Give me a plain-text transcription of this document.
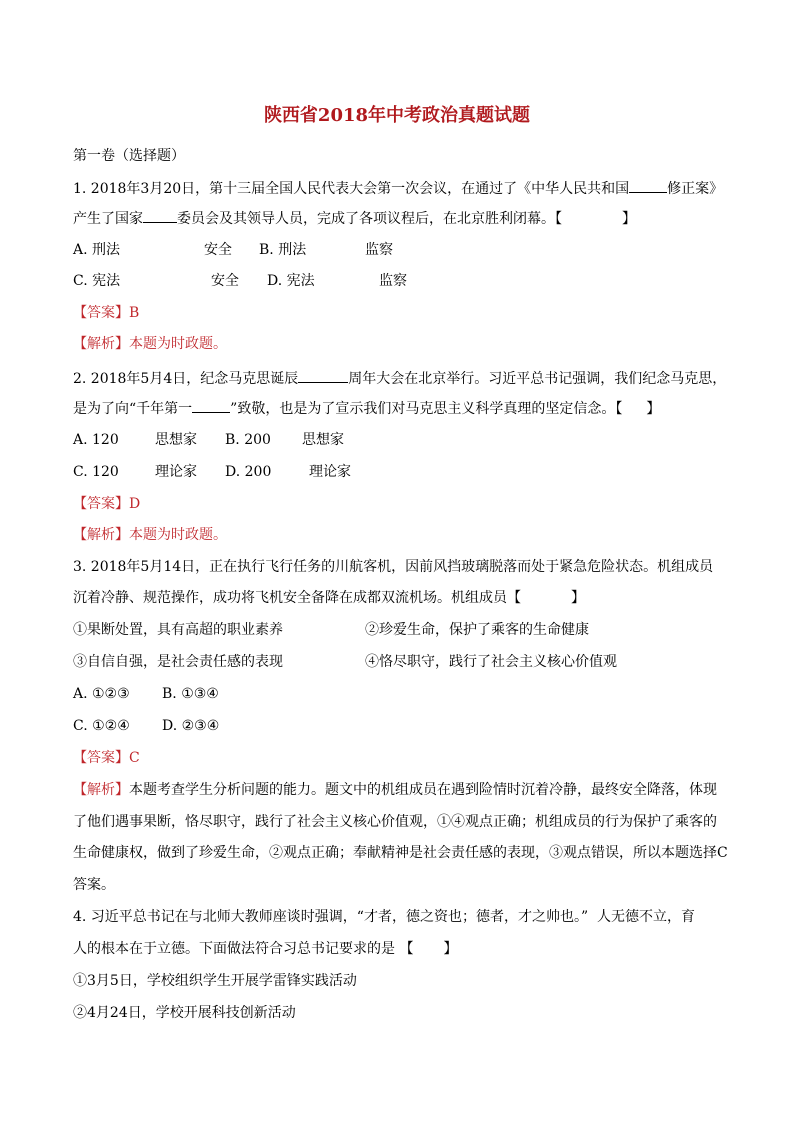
陕西省2018年中考政治真题试题
第一卷（选择题）
1. 2018年3月20日，第十三届全国人民代表大会第一次会议，在通过了《中华人民共和国	修正案》
产生了国家 委员会及其领导人员，完成了各项议程后，在北京胜利闭幕。【	】
A. 刑法	安全 B. 刑法	监察
C. 宪法	安全 D. 宪法	监察
【答案】B
【解析】本题为时政题。
2. 2018年5月4日，纪念马克思诞辰	周年大会在北京举行。习近平总书记强调，我们纪念马克思，
是为了向“千年第一	”致敬，也是为了宣示我们对马克思主义科学真理的坚定信念。【 】
A. 120	思想家 B. 200 思想家
C. 120	理论家 D. 200	理论家
【答案】D
【解析】本题为时政题。
3. 2018年5月14日，正在执行飞行任务的川航客机，因前风挡玻璃脱落而处于紧急危险状态。机组成员
沉着冷静、规范操作，成功将飞机安全备降在成都双流机场。机组成员【	】
①果断处置，具有高超的职业素养	②珍爱生命，保护了乘客的生命健康
③自信自强，是社会责任感的表现	④恪尽职守，践行了社会主义核心价值观
A. ①②③ B. ①③④
C. ①②④ D. ②③④
【答案】C
【解析】本题考查学生分析问题的能力。题文中的机组成员在遇到险情时沉着冷静，最终安全降落，体现
了他们遇事果断，恪尽职守，践行了社会主义核心价值观，①④观点正确；机组成员的行为保护了乘客的
生命健康权，做到了珍爱生命，②观点正确；奉献精神是社会责任感的表现，③观点错误，所以本题选择C
答案。
4. 习近平总书记在与北师大教师座谈时强调，“才者，德之资也；德者，才之帅也。”  人无德不立，育
人的根本在于立德。下面做法符合习总书记要求的是 【 】
①3月5日，学校组织学生开展学雷锋实践活动
②4月24日，学校开展科技创新活动
